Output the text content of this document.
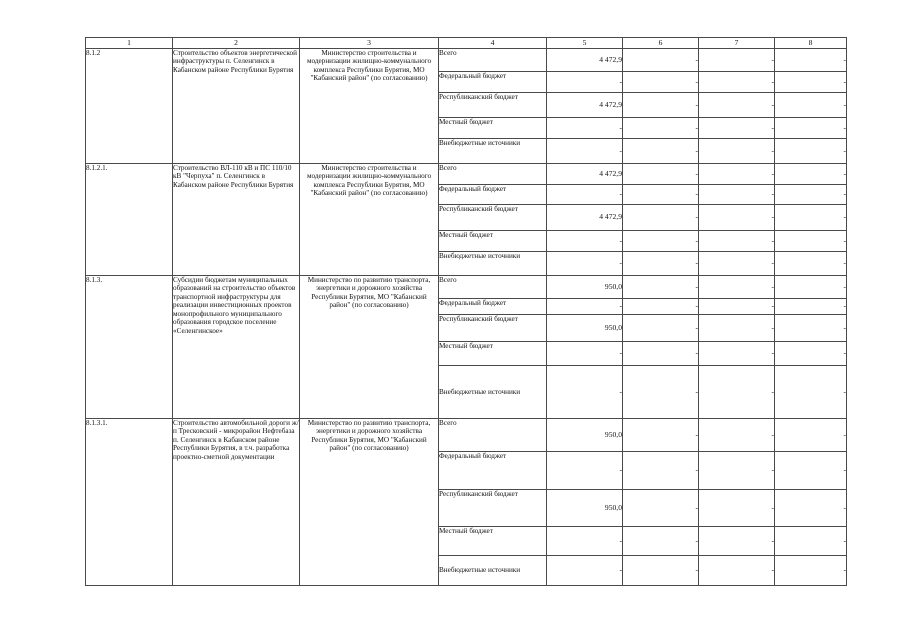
1	2	3	4	5	6	7	8
8.1.2	Строительство объектов энергетической инфраструктуры п. Селенгинск в Кабанском районе Республики Бурятия	Министерство строительства и модернизации жилищно-коммунального комплекса Республики Бурятия, МО "Кабанский район" (по согласованию)	Всего	4 472,9	-	-	-
			Федеральный бюджет	-	-	-	-
			Республиканский бюджет	4 472,9	-	-	-
			Местный бюджет	-	-	-	-
			Внебюджетные источники	-	-	-	-
8.1.2.1.	Строительство ВЛ-110 кВ и ПС 110/10 кВ "Черпуха" п. Селенгинск в Кабанском районе Республики Бурятия	Министерство строительства и модернизации жилищно-коммунального комплекса Республики Бурятия, МО "Кабанский район" (по согласованию)	Всего	4 472,9	-	-	-
			Федеральный бюджет	-	-	-	-
			Республиканский бюджет	4 472,9	-	-	-
			Местный бюджет	-	-	-	-
			Внебюджетные источники	-	-	-	-
8.1.3.	Субсидии бюджетам муниципальных образований на строительство объектов транспортной инфраструктуры для реализации инвестиционных проектов монопрофильного муниципального образования городское поселение «Селенгинское»	Министерство по развитию транспорта, энергетики и дорожного хозяйства Республики Бурятия, МО "Кабанский район" (по согласованию)	Всего	950,0	-	-	-
			Федеральный бюджет	-	-	-	-
			Республиканский бюджет	950,0	-	-	-
			Местный бюджет	-	-	-	-
			Внебюджетные источники	-	-	-	-
8.1.3.1.	Строительство автомобильной дороги ж/п Тресковский - микрорайон Нефтебаза п. Селенгинск в Кабанском районе Республики Бурятия, в т.ч. разработка проектно-сметной документации	Министерство по развитию транспорта, энергетики и дорожного хозяйства Республики Бурятия, МО "Кабанский район" (по согласованию)	Всего	950,0	-	-	-
			Федеральный бюджет	-	-	-	-
			Республиканский бюджет	950,0	-	-	-
			Местный бюджет	-	-	-	-
			Внебюджетные источники	-	-	-	-
